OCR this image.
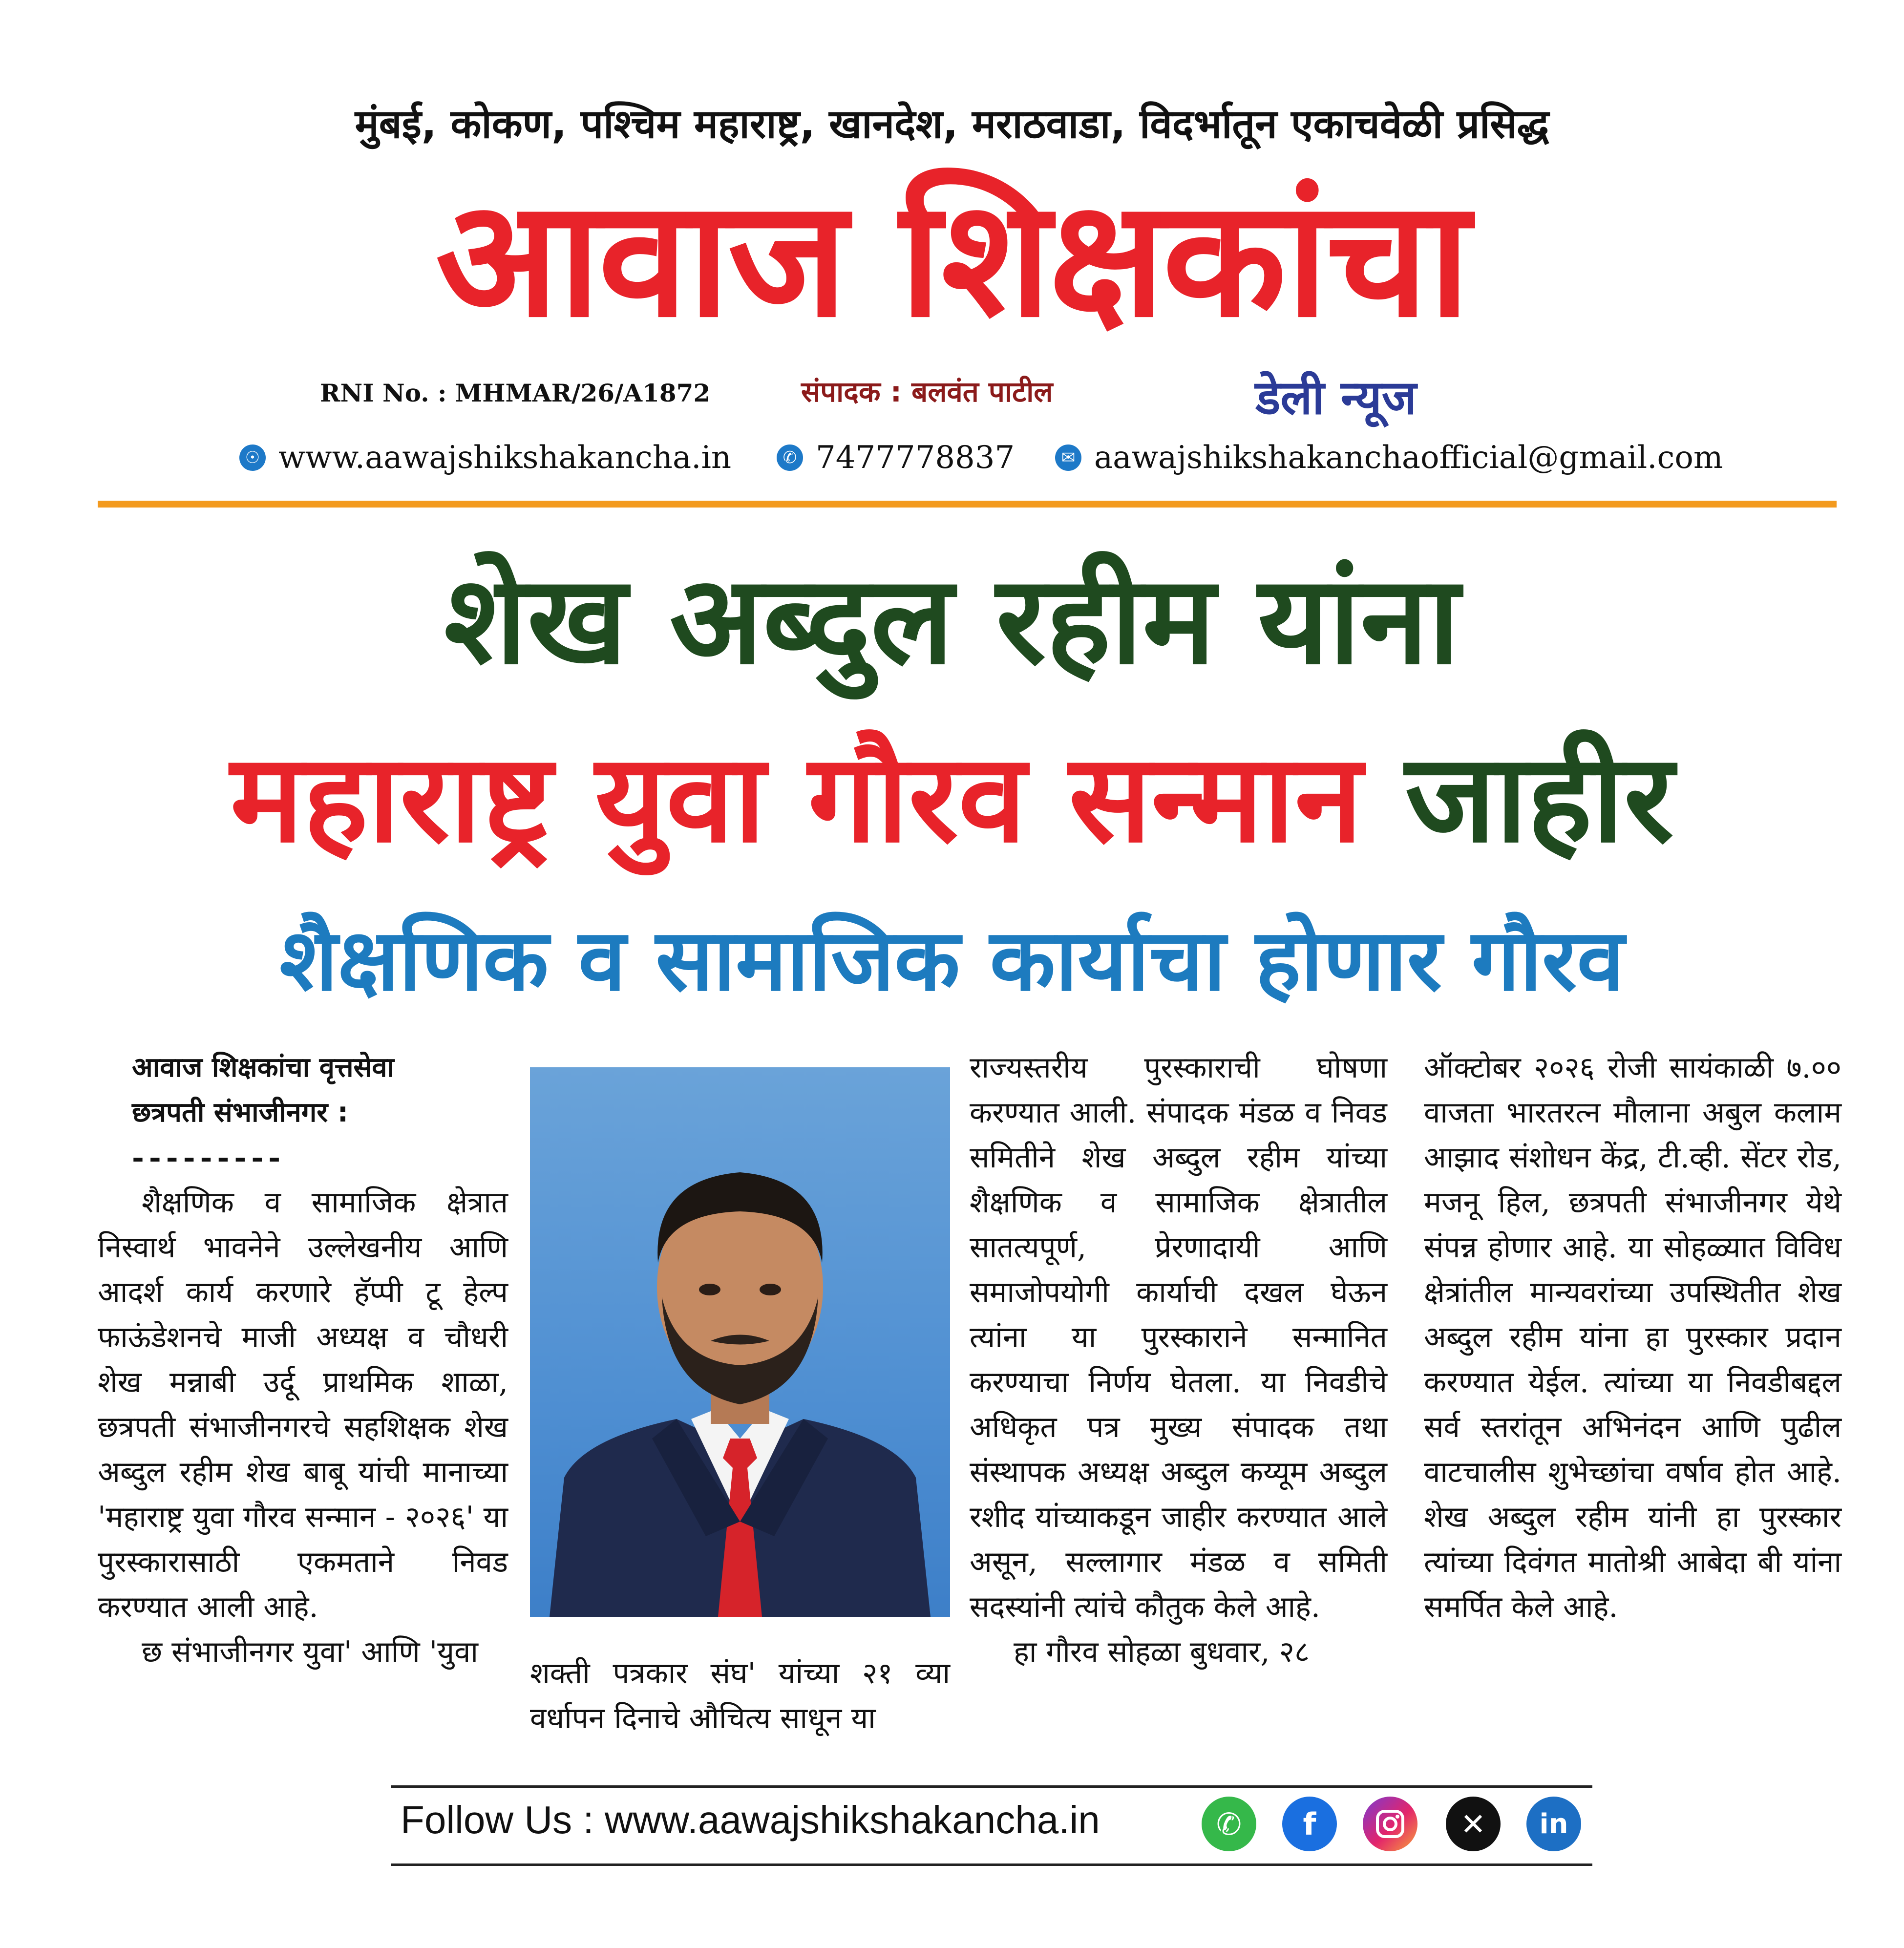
मुंबई, कोकण, पश्चिम महाराष्ट्र, खानदेश, मराठवाडा, विदर्भातून एकाचवेळी प्रसिद्ध
आवाज शिक्षकांचा
RNI No. : MHMAR/26/A1872	संपादक : बलवंत पाटील	डेली न्यूज
☉ www.aawajshikshakancha.in	✆ 7477778837	✉ aawajshikshakanchaofficial@gmail.com
शेख अब्दुल रहीम यांना
महाराष्ट्र युवा गौरव सन्मान जाहीर
शैक्षणिक व सामाजिक कार्याचा होणार गौरव

आवाज शिक्षकांचा वृत्तसेवा

छत्रपती संभाजीनगर :

---------

शैक्षणिक व सामाजिक क्षेत्रात निस्वार्थ भावनेने उल्लेखनीय आणि आदर्श कार्य करणारे हॅप्पी टू हेल्प फाऊंडेशनचे माजी अध्यक्ष व चौधरी शेख मन्नाबी उर्दू प्राथमिक शाळा, छत्रपती संभाजीनगरचे सहशिक्षक शेख अब्दुल रहीम शेख बाबू यांची मानाच्या 'महाराष्ट्र युवा गौरव सन्मान - २०२६' या पुरस्कारासाठी एकमताने निवड करण्यात आली आहे.

छ संभाजीनगर युवा' आणि 'युवा

शक्ती पत्रकार संघ' यांच्या २१ व्या वर्धापन दिनाचे औचित्य साधून या

राज्यस्तरीय पुरस्काराची घोषणा करण्यात आली. संपादक मंडळ व निवड समितीने शेख अब्दुल रहीम यांच्या शैक्षणिक व सामाजिक क्षेत्रातील सातत्यपूर्ण, प्रेरणादायी आणि समाजोपयोगी कार्याची दखल घेऊन त्यांना या पुरस्काराने सन्मानित करण्याचा निर्णय घेतला. या निवडीचे अधिकृत पत्र मुख्य संपादक तथा संस्थापक अध्यक्ष अब्दुल कय्यूम अब्दुल रशीद यांच्याकडून जाहीर करण्यात आले असून, सल्लागार मंडळ व समिती सदस्यांनी त्यांचे कौतुक केले आहे.

हा गौरव सोहळा बुधवार, २८

ऑक्टोबर २०२६ रोजी सायंकाळी ७.०० वाजता भारतरत्न मौलाना अबुल कलाम आझाद संशोधन केंद्र, टी.व्ही. सेंटर रोड, मजनू हिल, छत्रपती संभाजीनगर येथे संपन्न होणार आहे. या सोहळ्यात विविध क्षेत्रांतील मान्यवरांच्या उपस्थितीत शेख अब्दुल रहीम यांना हा पुरस्कार प्रदान करण्यात येईल. त्यांच्या या निवडीबद्दल सर्व स्तरांतून अभिनंदन आणि पुढील वाटचालीस शुभेच्छांचा वर्षाव होत आहे. शेख अब्दुल रहीम यांनी हा पुरस्कार त्यांच्या दिवंगत मातोश्री आबेदा बी यांना समर्पित केले आहे.

Follow Us : www.aawajshikshakancha.in	✆	f	✕	in
